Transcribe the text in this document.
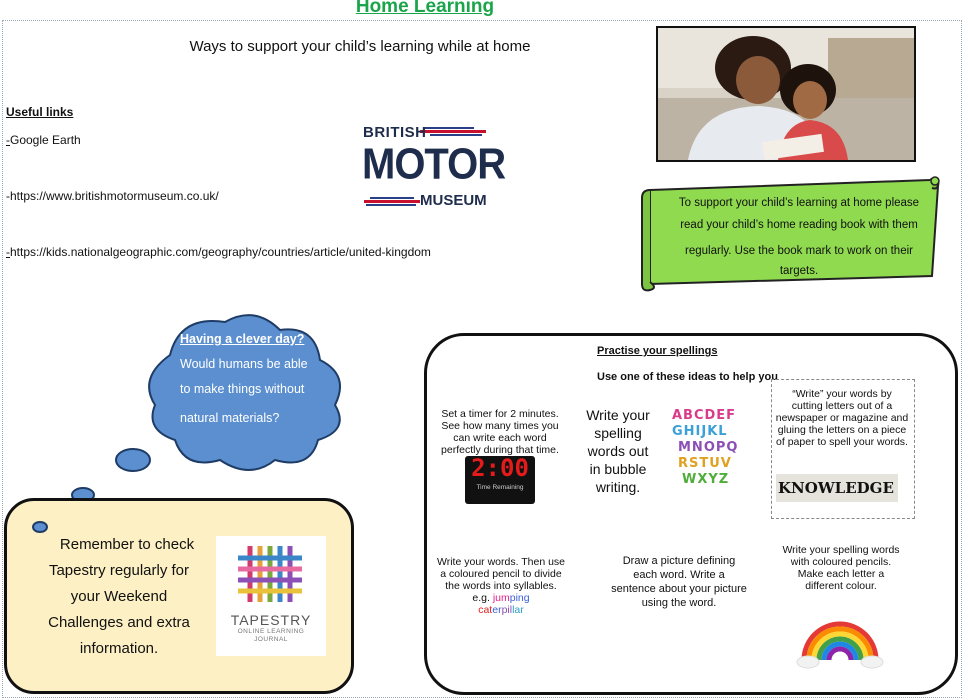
Home Learning
Ways to support your child’s learning while at home
Useful links
-Google Earth
-https://www.britishmotormuseum.co.uk/
-https://kids.nationalgeographic.com/geography/countries/article/united-kingdom
BRITISH
MOTOR
MUSEUM	To support your child’s learning at home please
read your child’s home reading book with them
regularly. Use the book mark to work on their
targets.
Having a clever day?
Would humans be able
to make things without
natural materials?
Remember to check
Tapestry regularly for
your Weekend
Challenges and extra
information.
TAPESTRY
ONLINE LEARNING
JOURNAL
Practise your spellings
Use one of these ideas to help you
Set a timer for 2 minutes.
See how many times you
can write each word
perfectly during that time.
2:00
Time Remaining
Write your
spelling
words out
in bubble
writing.
ABCDEF
GHIJKL
MNOPQ
RSTUV
WXYZ
“Write” your words by
cutting letters out of a
newspaper or magazine and
gluing the letters on a piece
of paper to spell your words.
KNOWLEDGE
Write your words. Then use
a coloured pencil to divide
the words into syllables.
e.g. jumping
caterpillar
Draw a picture defining
each word. Write a
sentence about your picture
using the word.
Write your spelling words
with coloured pencils.
Make each letter a
different colour.
